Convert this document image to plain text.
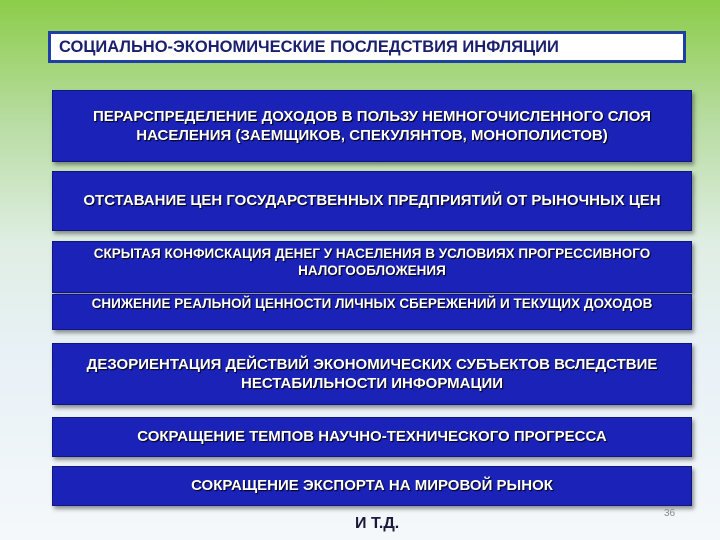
СОЦИАЛЬНО-ЭКОНОМИЧЕСКИЕ ПОСЛЕДСТВИЯ ИНФЛЯЦИИ
ПЕРАРСПРЕДЕЛЕНИЕ ДОХОДОВ В ПОЛЬЗУ НЕМНОГОЧИСЛЕННОГО СЛОЯ НАСЕЛЕНИЯ (ЗАЕМЩИКОВ, СПЕКУЛЯНТОВ, МОНОПОЛИСТОВ)
ОТСТАВАНИЕ ЦЕН ГОСУДАРСТВЕННЫХ ПРЕДПРИЯТИЙ ОТ РЫНОЧНЫХ ЦЕН
СКРЫТАЯ КОНФИСКАЦИЯ ДЕНЕГ У НАСЕЛЕНИЯ В УСЛОВИЯХ ПРОГРЕССИВНОГО НАЛОГООБЛОЖЕНИЯ
СНИЖЕНИЕ РЕАЛЬНОЙ ЦЕННОСТИ ЛИЧНЫХ СБЕРЕЖЕНИЙ И ТЕКУЩИХ ДОХОДОВ
ДЕЗОРИЕНТАЦИЯ ДЕЙСТВИЙ ЭКОНОМИЧЕСКИХ СУБЪЕКТОВ ВСЛЕДСТВИЕ НЕСТАБИЛЬНОСТИ ИНФОРМАЦИИ
СОКРАЩЕНИЕ ТЕМПОВ НАУЧНО-ТЕХНИЧЕСКОГО ПРОГРЕССА
СОКРАЩЕНИЕ ЭКСПОРТА НА МИРОВОЙ РЫНОК
И Т.Д.
36
